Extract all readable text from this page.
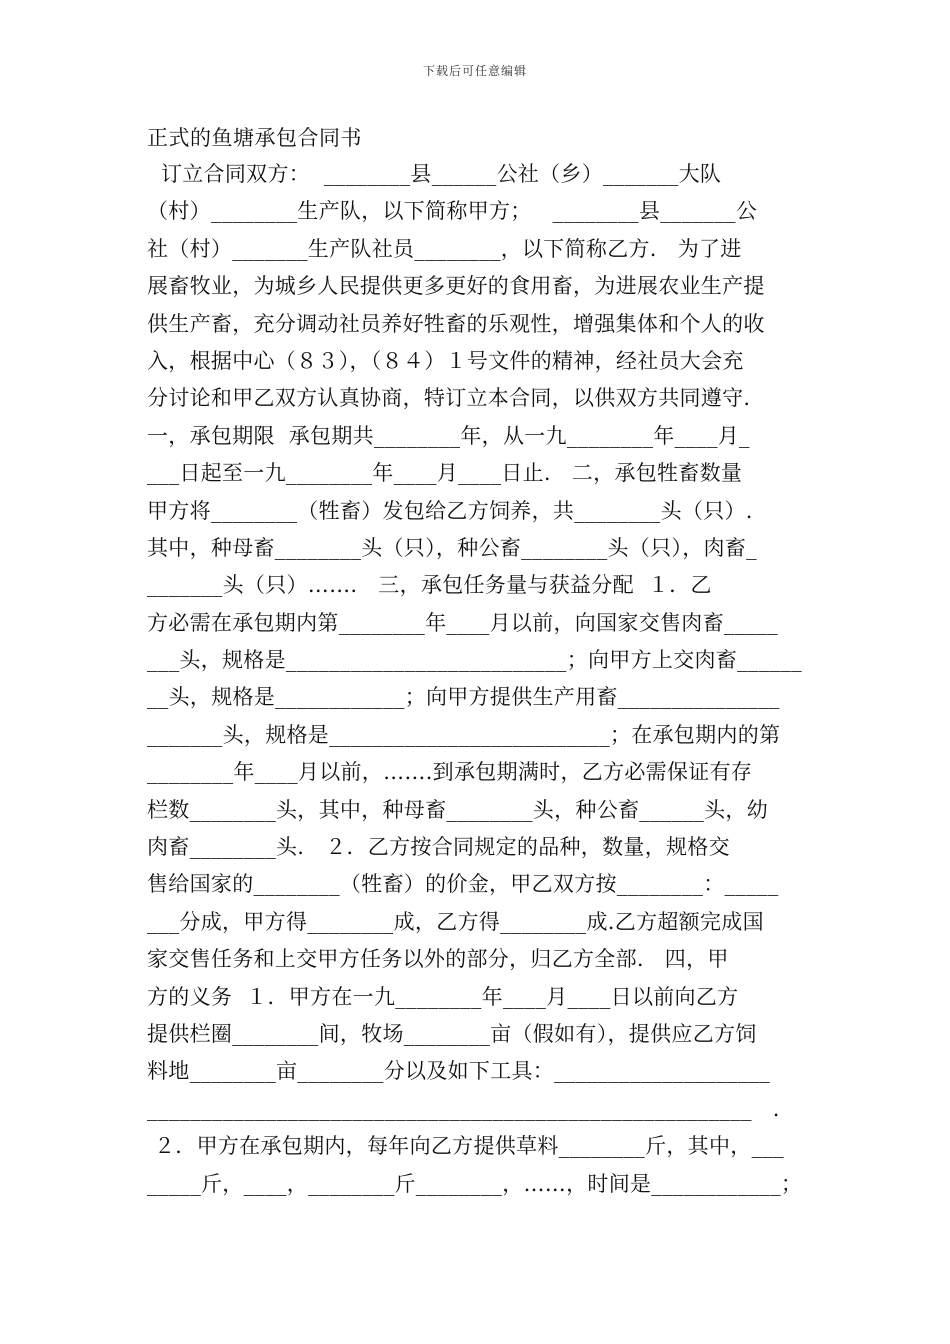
下载后可任意编辑
正式的鱼塘承包合同书
订立合同双方：  ________县______公社（乡）_______大队
（村）________生产队，以下简称甲方；   ________县_______公
社（村）_______生产队社员________，以下简称乙方.   为了进
展畜牧业，为城乡人民提供更多更好的食用畜，为进展农业生产提
供生产畜，充分调动社员养好牲畜的乐观性，增强集体和个人的收
入，根据中心（８３），（８４）１号文件的精神，经社员大会充
分讨论和甲乙双方认真协商，特订立本合同，以供双方共同遵守.
一，承包期限  承包期共________年，从一九________年____月_
___日起至一九________年____月____日止.   二，承包牲畜数量
甲方将________（牲畜）发包给乙方饲养，共________头（只）.
其中，种母畜________头（只），种公畜________头（只），肉畜_
_______头（只）…….   三，承包任务量与获益分配  １．乙
方必需在承包期内第________年____月以前，向国家交售肉畜_____
___头，规格是__________________________；向甲方上交肉畜______
__头，规格是____________；向甲方提供生产用畜_______________
_______头，规格是__________________________；在承包期内的第
________年____月以前，…….到承包期满时，乙方必需保证有存
栏数________头，其中，种母畜________头，种公畜______头，幼
肉畜________头.   ２．乙方按合同规定的品种，数量，规格交
售给国家的________（牲畜）的价金，甲乙双方按________：_____
___分成，甲方得________成，乙方得________成.乙方超额完成国
家交售任务和上交甲方任务以外的部分，归乙方全部.   四，甲
方的义务  １．甲方在一九________年____月____日以前向乙方
提供栏圈________间，牧场________亩（假如有），提供应乙方饲
料地________亩________分以及如下工具：____________________
________________________________________________________   .
２．甲方在承包期内，每年向乙方提供草料________斤，其中，___
_____斤，____，________斤________，……，时间是____________；
